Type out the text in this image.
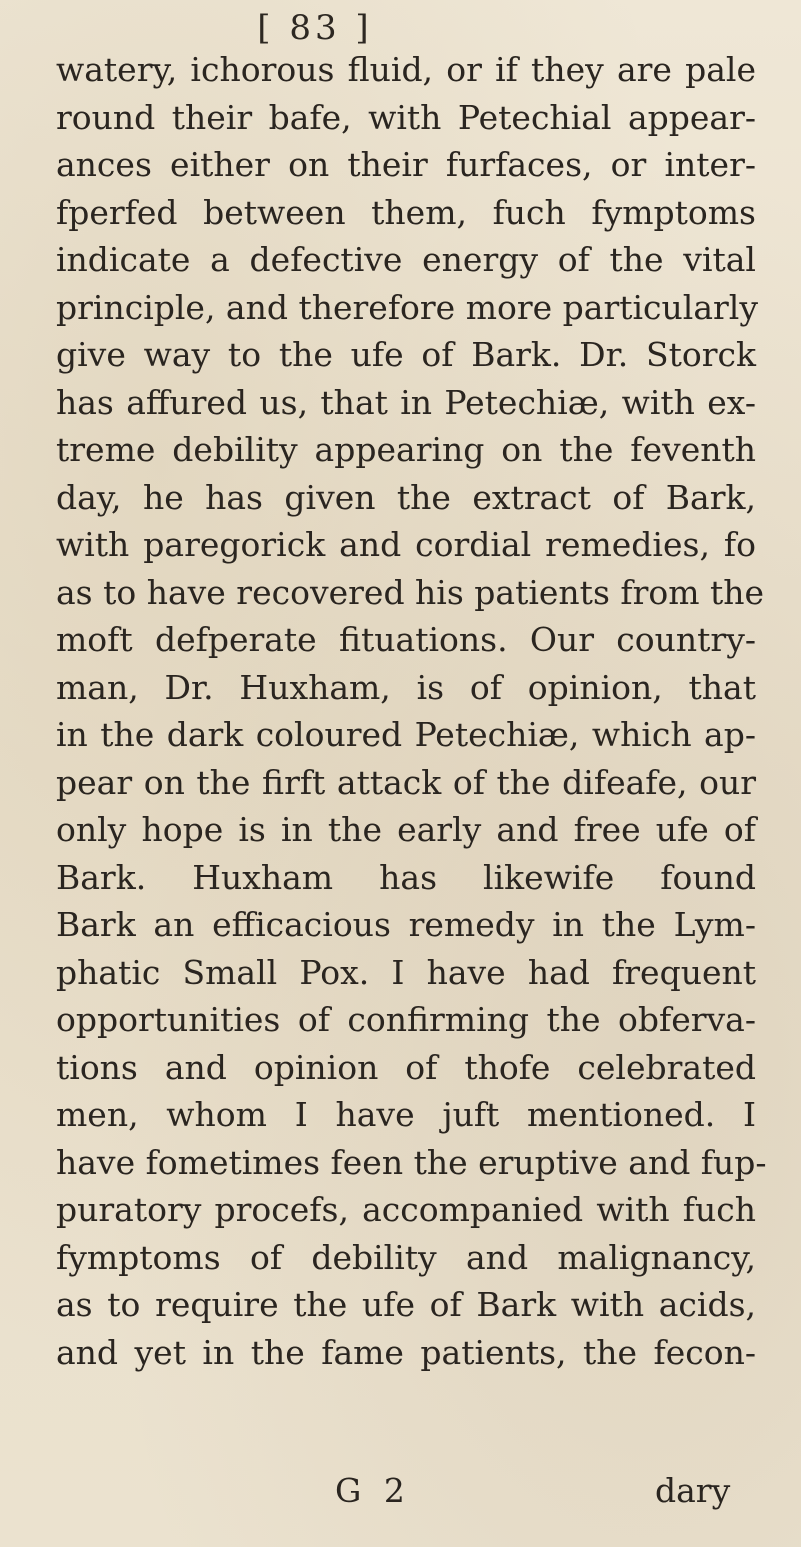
[ 83 ]
watery, ichorous fluid, or if they are pale
round their bafe, with Petechial appear-
ances either on their furfaces, or inter-
fperfed between them, fuch fymptoms
indicate a defective energy of the vital
principle, and therefore more particularly
give way to the ufe of Bark. Dr. Storck
has affured us, that in Petechiæ, with ex-
treme debility appearing on the feventh
day, he has given the extract of Bark,
with paregorick and cordial remedies, fo
as to have recovered his patients from the
moft defperate fituations. Our country-
man, Dr. Huxham, is of opinion, that
in the dark coloured Petechiæ, which ap-
pear on the firft attack of the difeafe, our
only hope is in the early and free ufe of
Bark. Huxham has likewife found
Bark an efficacious remedy in the Lym-
phatic Small Pox. I have had frequent
opportunities of confirming the obferva-
tions and opinion of thofe celebrated
men, whom I have juft mentioned. I
have fometimes feen the eruptive and fup-
puratory procefs, accompanied with fuch
fymptoms of debility and malignancy,
as to require the ufe of Bark with acids,
and yet in the fame patients, the fecon-
G 2	dary
